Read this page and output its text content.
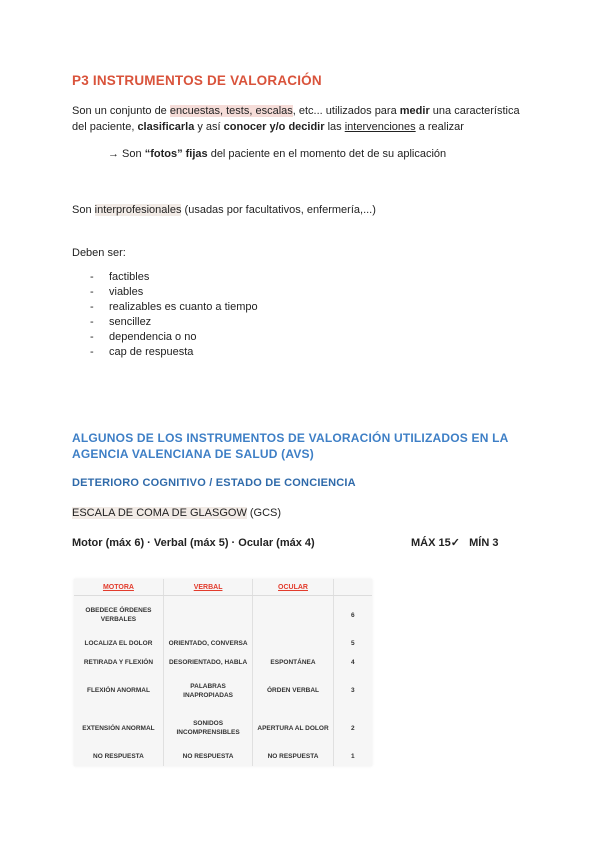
P3 INSTRUMENTOS DE VALORACIÓN
Son un conjunto de encuestas, tests, escalas, etc... utilizados para medir una característica
del paciente, clasificarla y así conocer y/o decidir las intervenciones a realizar
→ Son “fotos” fijas del paciente en el momento det de su aplicación
Son interprofesionales (usadas por facultativos, enfermería,...)
Deben ser:
- factibles
- viables
- realizables es cuanto a tiempo
- sencillez
- dependencia o no
- cap de respuesta
ALGUNOS DE LOS INSTRUMENTOS DE VALORACIÓN UTILIZADOS EN LA
AGENCIA VALENCIANA DE SALUD (AVS)
DETERIORO COGNITIVO / ESTADO DE CONCIENCIA
ESCALA DE COMA DE GLASGOW (GCS)
Motor (máx 6) · Verbal (máx 5) · Ocular (máx 4)	MÁX 15✓   MÍN 3
MOTORA	VERBAL	OCULAR	
OBEDECE ÓRDENES VERBALES			6
LOCALIZA EL DOLOR	ORIENTADO, CONVERSA		5
RETIRADA Y FLEXIÓN	DESORIENTADO, HABLA	ESPONTÁNEA	4
FLEXIÓN ANORMAL	PALABRAS INAPROPIADAS	ÓRDEN VERBAL	3
EXTENSIÓN ANORMAL	SONIDOS INCOMPRENSIBLES	APERTURA AL DOLOR	2
NO RESPUESTA	NO RESPUESTA	NO RESPUESTA	1
